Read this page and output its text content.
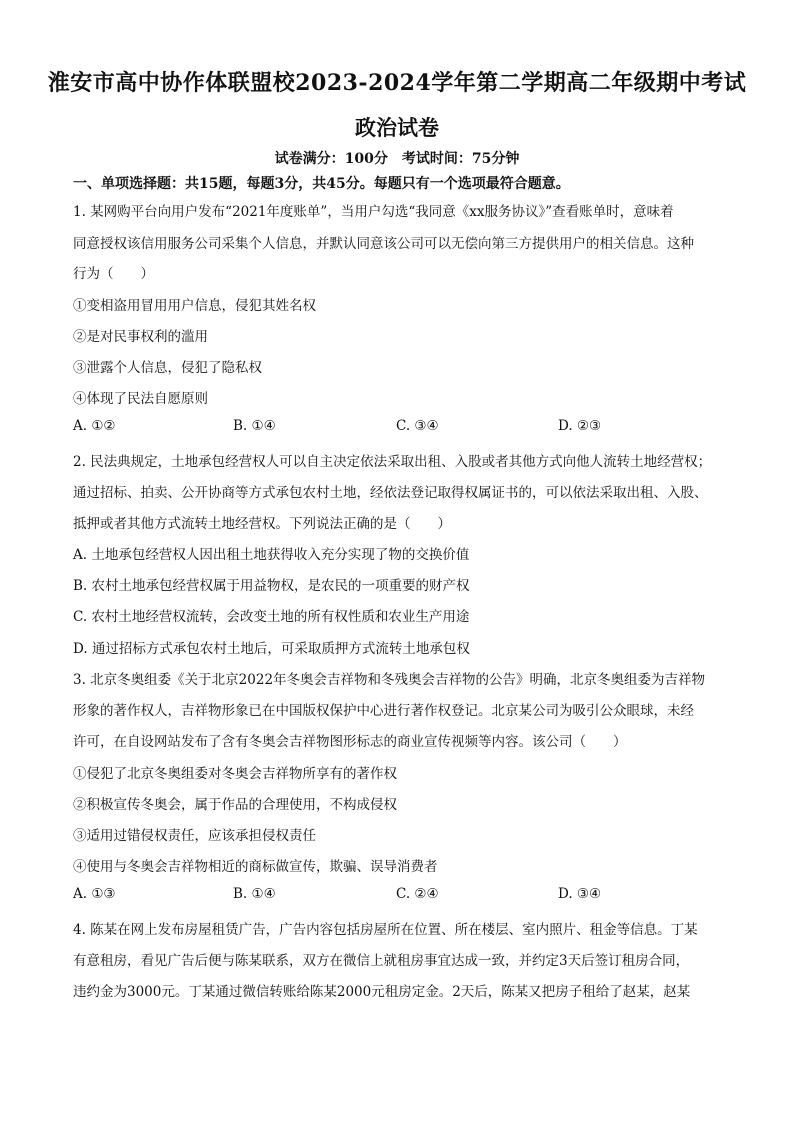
淮安市高中协作体联盟校2023-2024学年第二学期高二年级期中考试
政治试卷
试卷满分：100分　考试时间：75分钟
一、单项选择题：共15题，每题3分，共45分。每题只有一个选项最符合题意。
1. 某网购平台向用户发布“2021年度账单”，当用户勾选“我同意《xx服务协议》”查看账单时，意味着
同意授权该信用服务公司采集个人信息，并默认同意该公司可以无偿向第三方提供用户的相关信息。这种
行为（　　）
①变相盗用冒用用户信息，侵犯其姓名权
②是对民事权利的滥用
③泄露个人信息，侵犯了隐私权
④体现了民法自愿原则
A. ①②	B. ①④	C. ③④	D. ②③
2. 民法典规定，土地承包经营权人可以自主决定依法采取出租、入股或者其他方式向他人流转土地经营权；
通过招标、拍卖、公开协商等方式承包农村土地，经依法登记取得权属证书的，可以依法采取出租、入股、
抵押或者其他方式流转土地经营权。下列说法正确的是（　　）
A. 土地承包经营权人因出租土地获得收入充分实现了物的交换价值
B. 农村土地承包经营权属于用益物权，是农民的一项重要的财产权
C. 农村土地经营权流转，会改变土地的所有权性质和农业生产用途
D. 通过招标方式承包农村土地后，可采取质押方式流转土地承包权
3. 北京冬奥组委《关于北京2022年冬奥会吉祥物和冬残奥会吉祥物的公告》明确，北京冬奥组委为吉祥物
形象的著作权人，吉祥物形象已在中国版权保护中心进行著作权登记。北京某公司为吸引公众眼球，未经
许可，在自设网站发布了含有冬奥会吉祥物图形标志的商业宣传视频等内容。该公司（　　）
①侵犯了北京冬奥组委对冬奥会吉祥物所享有的著作权
②积极宣传冬奥会，属于作品的合理使用，不构成侵权
③适用过错侵权责任，应该承担侵权责任
④使用与冬奥会吉祥物相近的商标做宣传，欺骗、误导消费者
A. ①③	B. ①④	C. ②④	D. ③④
4. 陈某在网上发布房屋租赁广告，广告内容包括房屋所在位置、所在楼层、室内照片、租金等信息。丁某
有意租房，看见广告后便与陈某联系，双方在微信上就租房事宜达成一致，并约定3天后签订租房合同，
违约金为3000元。丁某通过微信转账给陈某2000元租房定金。2天后，陈某又把房子租给了赵某，赵某
